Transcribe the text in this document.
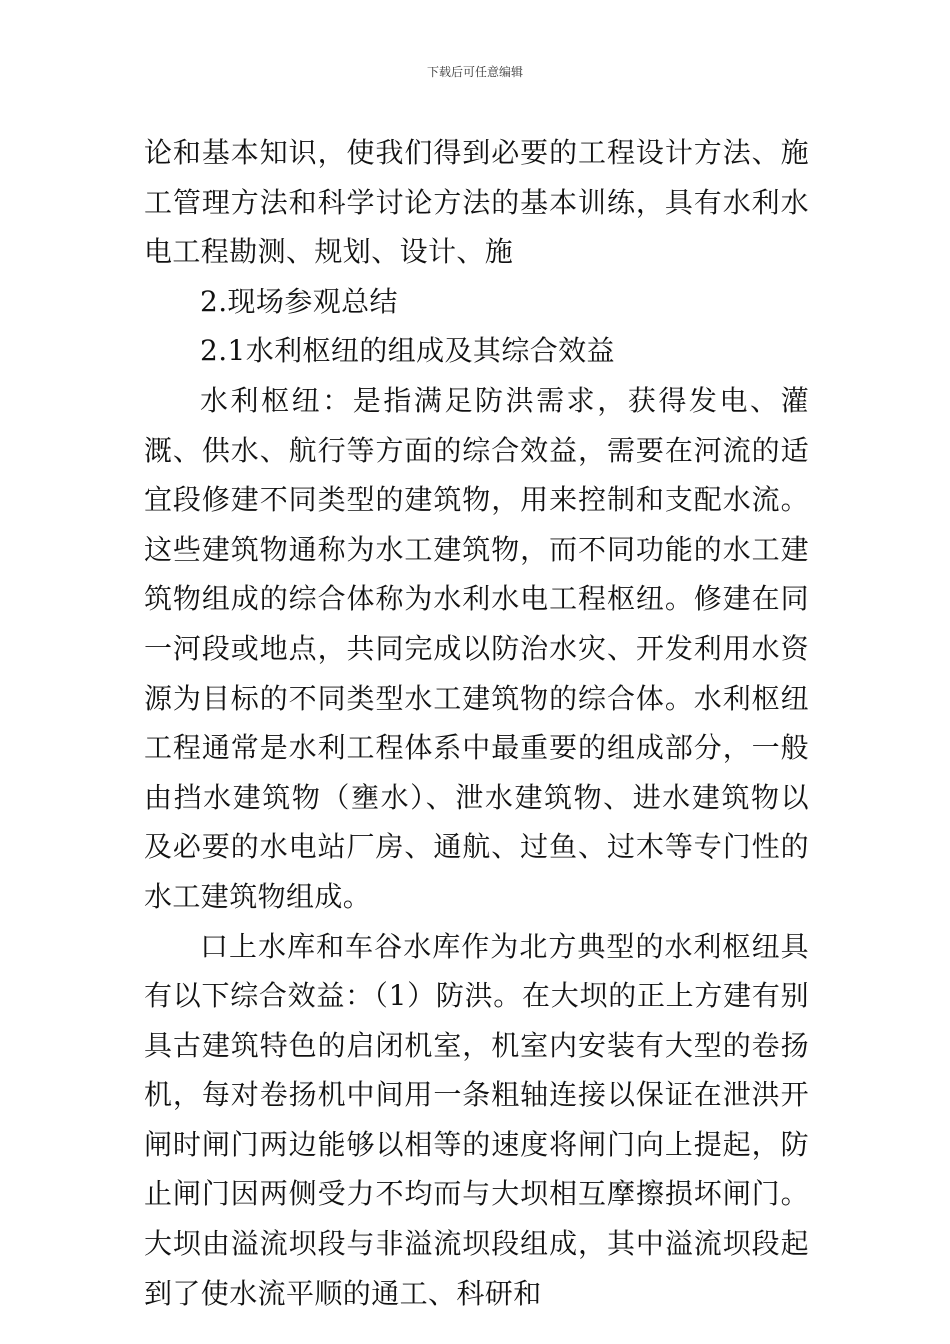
下载后可任意编辑

论和基本知识，使我们得到必要的工程设计方法、施工管理方法和科学讨论方法的基本训练，具有水利水电工程勘测、规划、设计、施

2.现场参观总结

2.1水利枢纽的组成及其综合效益

水利枢纽：是指满足防洪需求，获得发电、灌溉、供水、航行等方面的综合效益，需要在河流的适宜段修建不同类型的建筑物，用来控制和支配水流。这些建筑物通称为水工建筑物，而不同功能的水工建筑物组成的综合体称为水利水电工程枢纽。修建在同一河段或地点，共同完成以防治水灾、开发利用水资源为目标的不同类型水工建筑物的综合体。水利枢纽工程通常是水利工程体系中最重要的组成部分，一般由挡水建筑物（壅水）、泄水建筑物、进水建筑物以及必要的水电站厂房、通航、过鱼、过木等专门性的水工建筑物组成。

口上水库和车谷水库作为北方典型的水利枢纽具有以下综合效益：（1）防洪。在大坝的正上方建有别具古建筑特色的启闭机室，机室内安装有大型的卷扬机，每对卷扬机中间用一条粗轴连接以保证在泄洪开闸时闸门两边能够以相等的速度将闸门向上提起，防止闸门因两侧受力不均而与大坝相互摩擦损坏闸门。大坝由溢流坝段与非溢流坝段组成，其中溢流坝段起到了使水流平顺的通工、科研和
